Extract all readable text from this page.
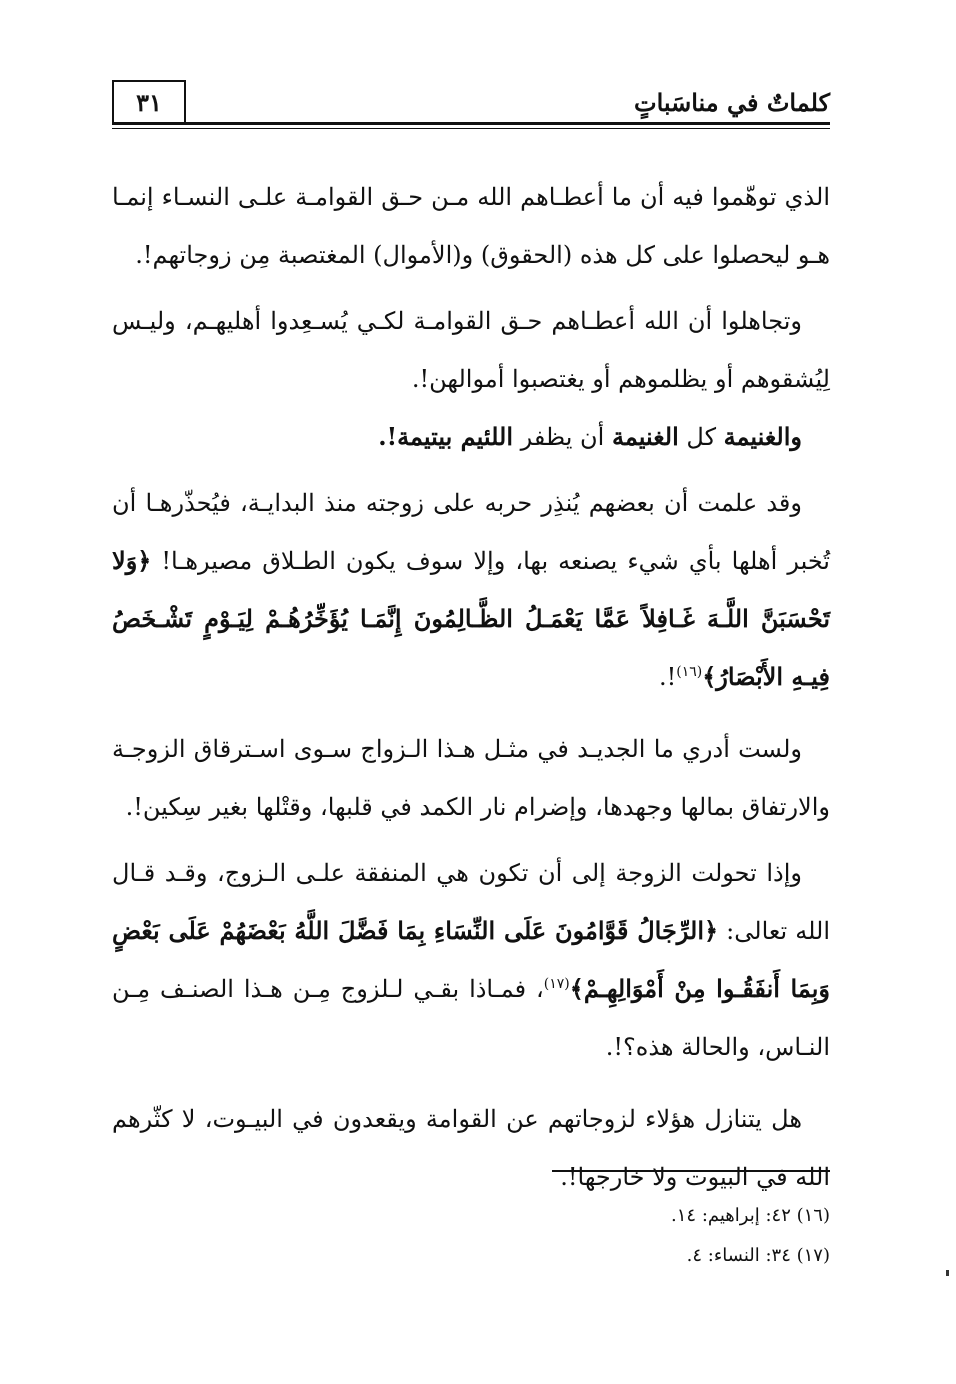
كلماتٌ في مناسَباتٍ
٣١

الذي توهّموا فيه أن ما أعطـاهم الله مـن حـق القوامـة علـى النسـاء إنمـا هـو ليحصلوا على كل هذه (الحقوق) و(الأموال) المغتصبة مِن زوجاتهم!.

وتجاهلوا أن الله أعطـاهم حـق القوامـة لكـي يُسـعِدوا أهليهـم، وليـس لِيُشقوهم أو يظلموهم أو يغتصبوا أموالهن!.

والغنيمة كل الغنيمة أن يظفر اللئيم بيتيمة!.

وقد علمت أن بعضهم يُنذِر حربه على زوجته منذ البدايـة، فيُحذّرهـا أن تُخبر أهلها بأي شيء يصنعه بها، وإلا سوف يكون الطـلاق مصيرهـا! ﴿وَلا تَحْسَبَنَّ اللَّـهَ غَـافِلاً عَمَّا يَعْمَـلُ الظَّـالِمُونَ إِنَّمَـا يُؤَخِّرُهُـمْ لِيَـوْمٍ تَشْـخَصُ فِيـهِ الأَبْصَارُ﴾$^{(١٦)}$!.

ولست أدري ما الجديـد في مثـل هـذا الـزواج سـوى اسـترقاق الزوجـة والارتفاق بمالها وجهدها، وإضرام نار الكمد في قلبها، وقتْلها بغير سِكين!.

وإذا تحولت الزوجة إلى أن تكون هي المنفقة علـى الـزوج، وقـد قـال الله تعالى: ﴿الرِّجَالُ قَوَّامُونَ عَلَى النِّسَاءِ بِمَا فَضَّلَ اللَّهُ بَعْضَهُمْ عَلَى بَعْضٍ وَبِمَا أَنفَقُـوا مِنْ أَمْوَالِهِـمْ﴾$^{(١٧)}$، فمـاذا بقـي لـلزوج مِـن هـذا الصنـف مِـن النـاس، والحالة هذه؟!.

هل يتنازل هؤلاء لزوجاتهم عن القوامة ويقعدون في البيـوت، لا كثّرهم الله في البيوت ولا خارجها!.

(١٦) ٤٢: إبراهيم: ١٤.

(١٧) ٣٤: النساء: ٤.
